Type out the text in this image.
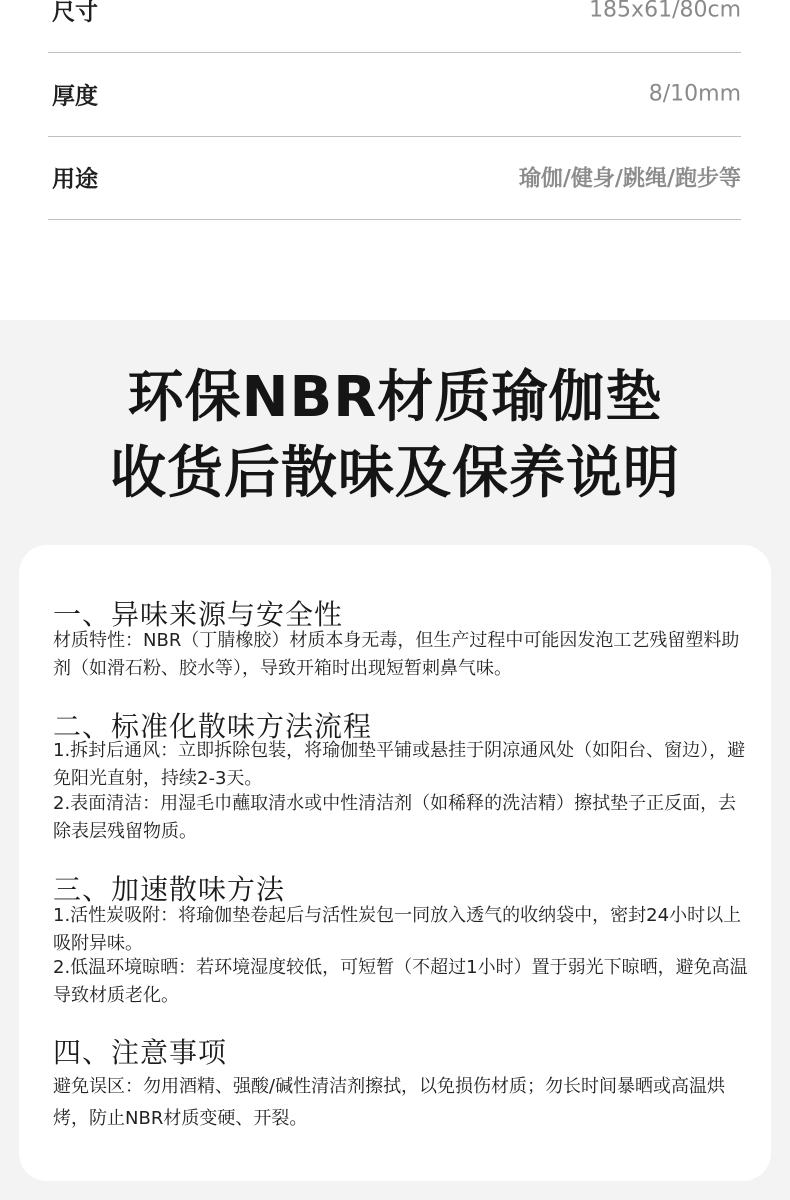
尺寸	185x61/80cm
厚度	8/10mm
用途	瑜伽/健身/跳绳/跑步等
环保NBR材质瑜伽垫
收货后散味及保养说明
一、异味来源与安全性
材质特性：NBR（丁腈橡胶）材质本身无毒，但生产过程中可能因发泡工艺残留塑料助剂（如滑石粉、胶水等），导致开箱时出现短暂刺鼻气味。
二、标准化散味方法流程
1.拆封后通风：立即拆除包装，将瑜伽垫平铺或悬挂于阴凉通风处（如阳台、窗边），避免阳光直射，持续2-3天。
2.表面清洁：用湿毛巾蘸取清水或中性清洁剂（如稀释的洗洁精）擦拭垫子正反面，去除表层残留物质。
三、加速散味方法
1.活性炭吸附：将瑜伽垫卷起后与活性炭包一同放入透气的收纳袋中，密封24小时以上吸附异味。
2.低温环境晾晒：若环境湿度较低，可短暂（不超过1小时）置于弱光下晾晒，避免高温导致材质老化。
四、注意事项
避免误区：勿用酒精、强酸/碱性清洁剂擦拭，以免损伤材质；勿长时间暴晒或高温烘烤，防止NBR材质变硬、开裂。
